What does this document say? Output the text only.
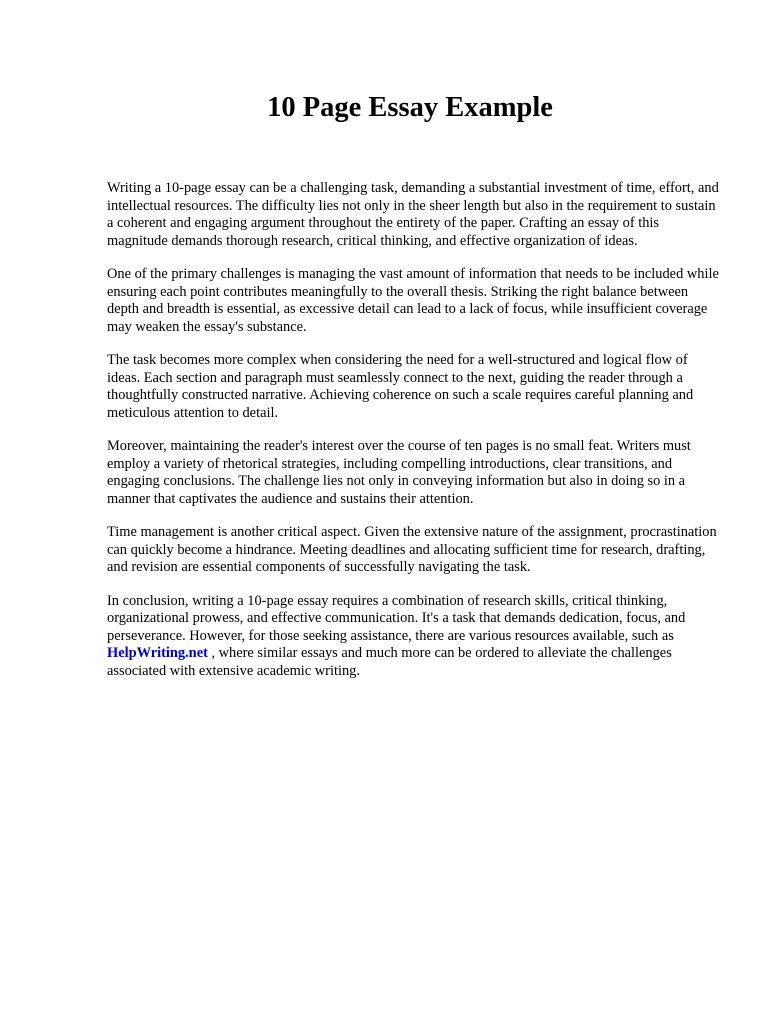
10 Page Essay Example

Writing a 10-page essay can be a challenging task, demanding a substantial investment of time, effort, and intellectual resources. The difficulty lies not only in the sheer length but also in the requirement to sustain a coherent and engaging argument throughout the entirety of the paper. Crafting an essay of this magnitude demands thorough research, critical thinking, and effective organization of ideas.

One of the primary challenges is managing the vast amount of information that needs to be included while ensuring each point contributes meaningfully to the overall thesis. Striking the right balance between depth and breadth is essential, as excessive detail can lead to a lack of focus, while insufficient coverage may weaken the essay's substance.

The task becomes more complex when considering the need for a well-structured and logical flow of ideas. Each section and paragraph must seamlessly connect to the next, guiding the reader through a thoughtfully constructed narrative. Achieving coherence on such a scale requires careful planning and meticulous attention to detail.

Moreover, maintaining the reader's interest over the course of ten pages is no small feat. Writers must employ a variety of rhetorical strategies, including compelling introductions, clear transitions, and engaging conclusions. The challenge lies not only in conveying information but also in doing so in a manner that captivates the audience and sustains their attention.

Time management is another critical aspect. Given the extensive nature of the assignment, procrastination can quickly become a hindrance. Meeting deadlines and allocating sufficient time for research, drafting, and revision are essential components of successfully navigating the task.

In conclusion, writing a 10-page essay requires a combination of research skills, critical thinking, organizational prowess, and effective communication. It's a task that demands dedication, focus, and perseverance. However, for those seeking assistance, there are various resources available, such as HelpWriting.net , where similar essays and much more can be ordered to alleviate the challenges associated with extensive academic writing.
